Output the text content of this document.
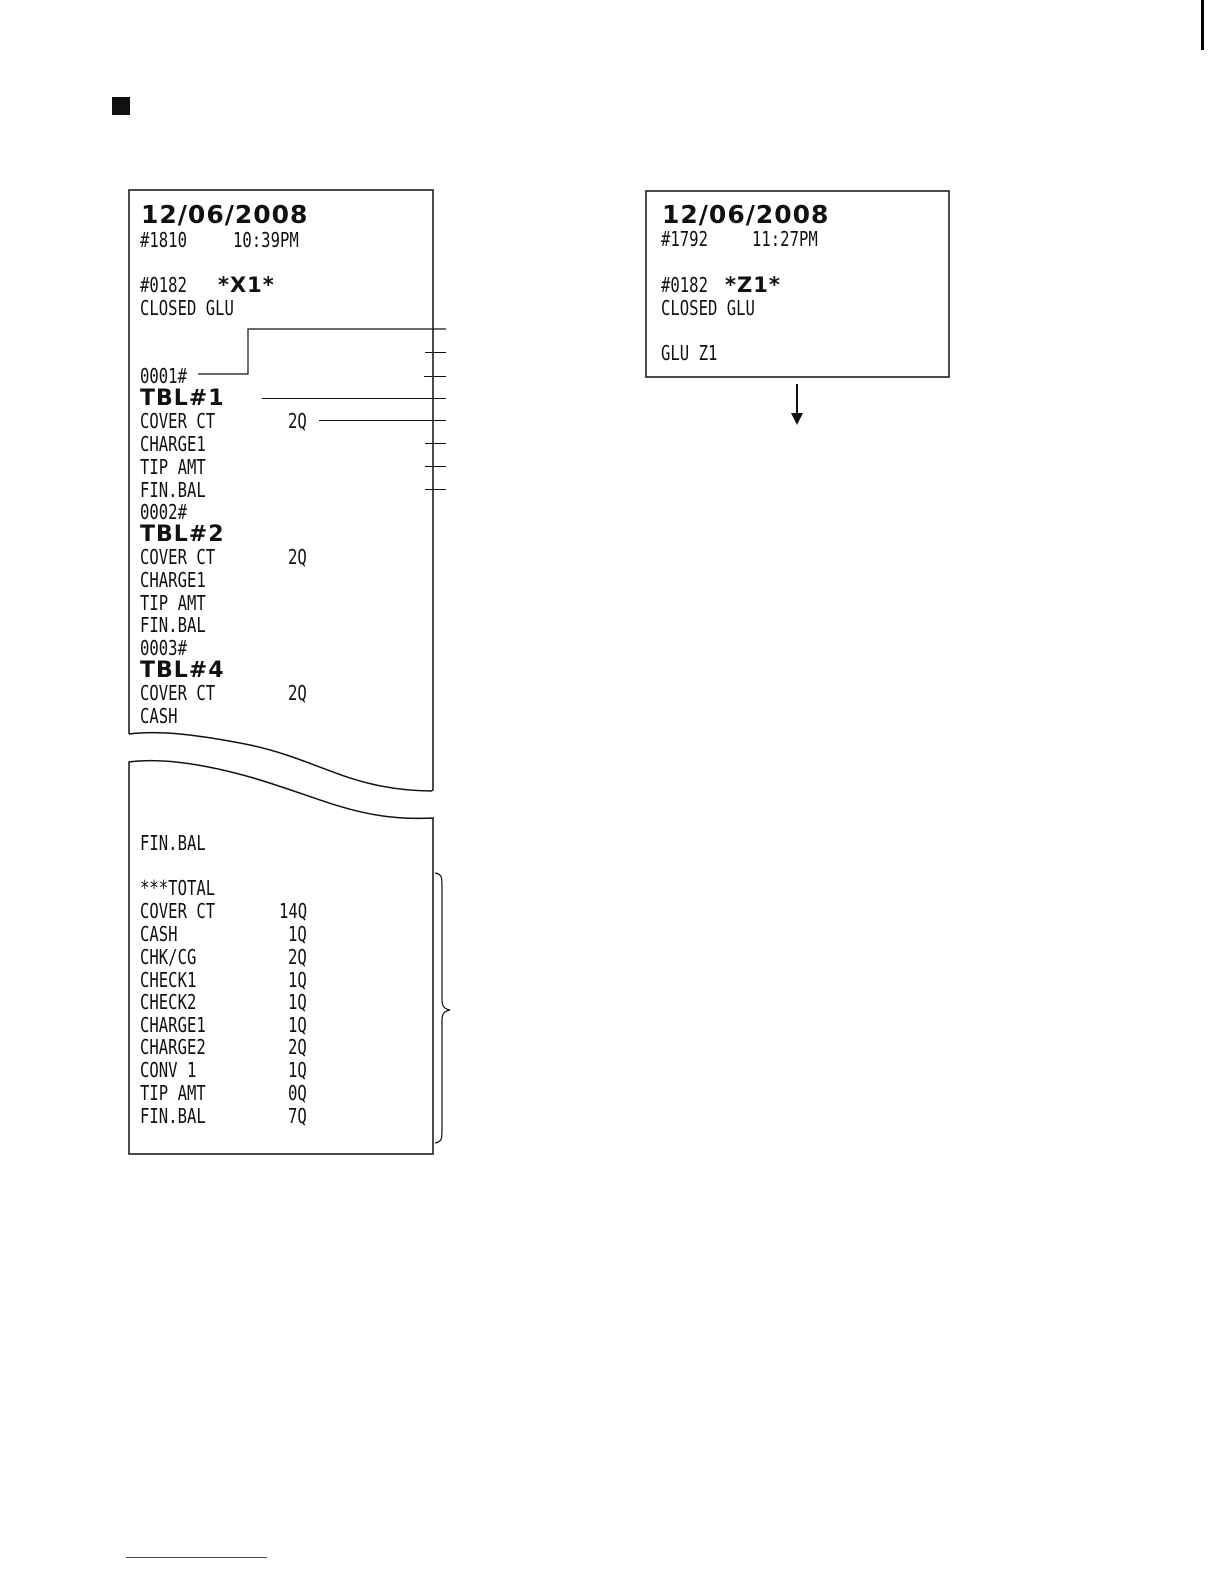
12/06/2008
#1810 10:39PM
#0182 *X1*
CLOSED GLU
0001#
TBL#1
COVER CT	2Q
CHARGE1
TIP AMT
FIN.BAL
0002#
TBL#2
COVER CT	2Q
CHARGE1
TIP AMT
FIN.BAL
0003#
TBL#4
COVER CT	2Q
CASH
FIN.BAL
***TOTAL
COVER CT	14Q
CASH	1Q
CHK/CG	2Q
CHECK1	1Q
CHECK2	1Q
CHARGE1	1Q
CHARGE2	2Q
CONV 1	1Q
TIP AMT	0Q
FIN.BAL	7Q
12/06/2008
#1792 11:27PM
#0182 *Z1*
CLOSED GLU
GLU Z1
